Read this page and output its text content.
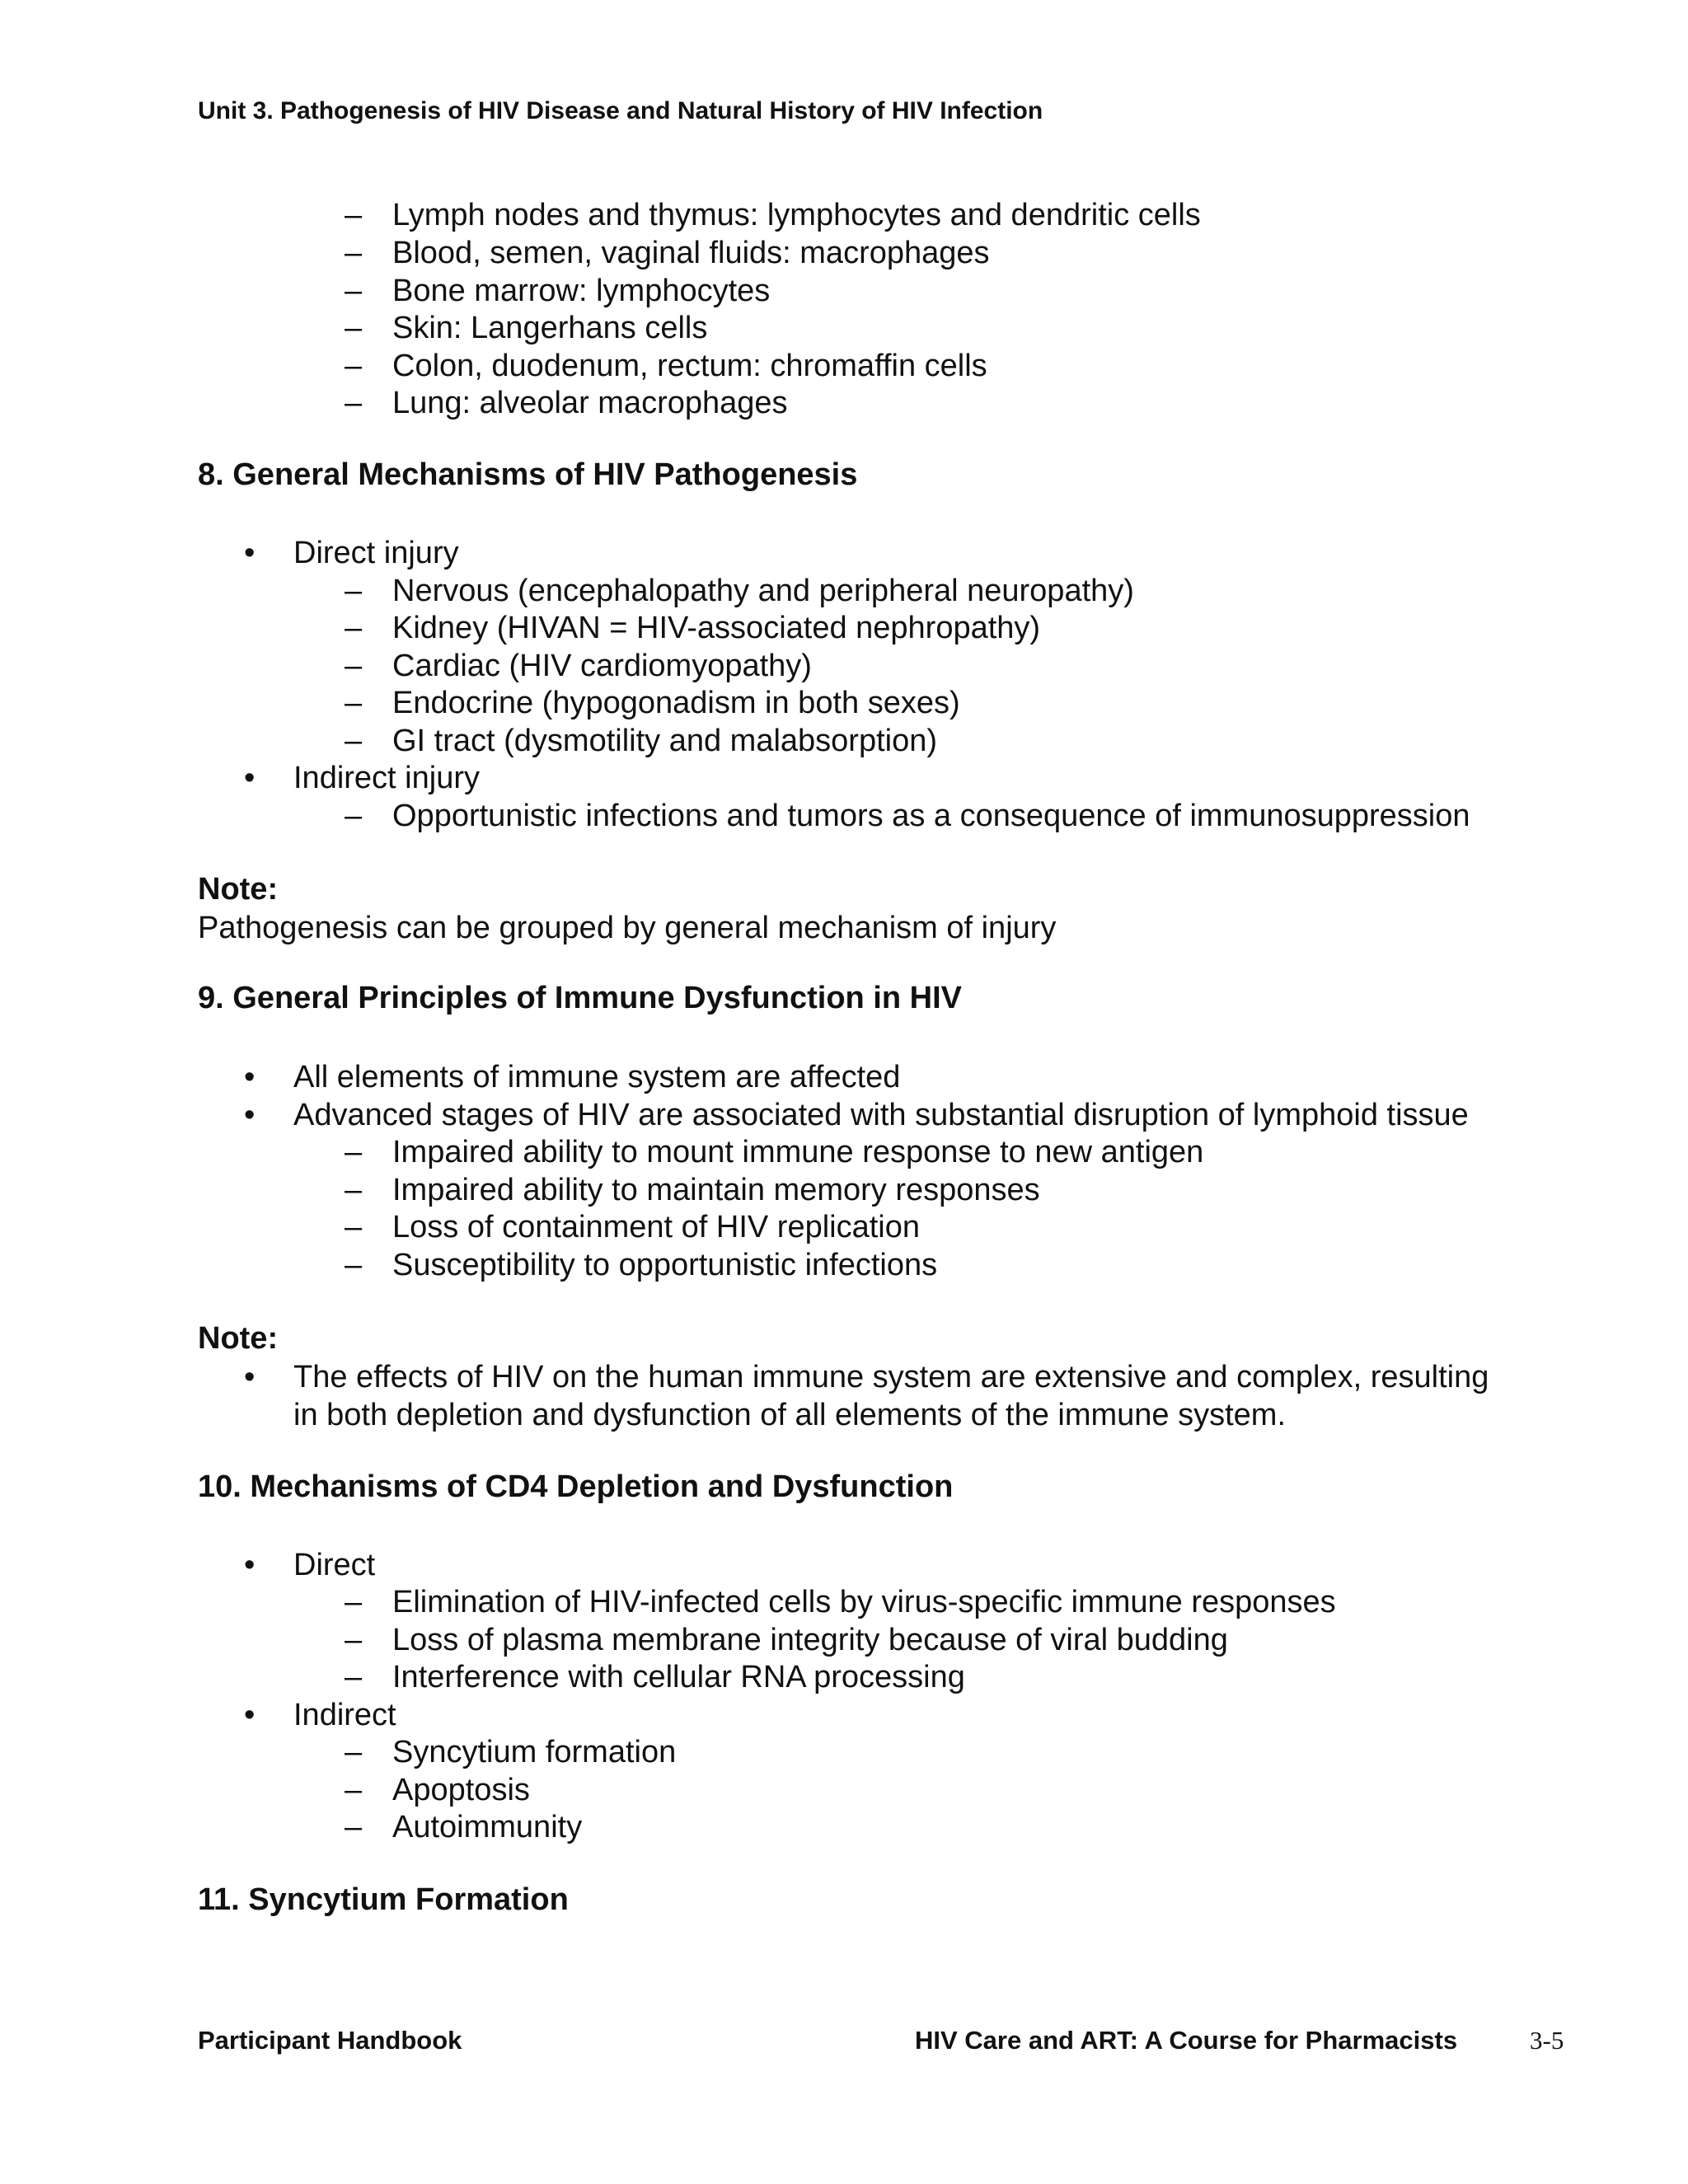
Unit 3. Pathogenesis of HIV Disease and Natural History of HIV Infection
– Lymph nodes and thymus: lymphocytes and dendritic cells
– Blood, semen, vaginal fluids: macrophages
– Bone marrow: lymphocytes
– Skin: Langerhans cells
– Colon, duodenum, rectum: chromaffin cells
– Lung: alveolar macrophages
8. General Mechanisms of HIV Pathogenesis
• Direct injury
– Nervous (encephalopathy and peripheral neuropathy)
– Kidney (HIVAN = HIV-associated nephropathy)
– Cardiac (HIV cardiomyopathy)
– Endocrine (hypogonadism in both sexes)
– GI tract (dysmotility and malabsorption)
• Indirect injury
– Opportunistic infections and tumors as a consequence of immunosuppression
Note:
Pathogenesis can be grouped by general mechanism of injury
9. General Principles of Immune Dysfunction in HIV
• All elements of immune system are affected
• Advanced stages of HIV are associated with substantial disruption of lymphoid tissue
– Impaired ability to mount immune response to new antigen
– Impaired ability to maintain memory responses
– Loss of containment of HIV replication
– Susceptibility to opportunistic infections
Note:
• The effects of HIV on the human immune system are extensive and complex, resulting
in both depletion and dysfunction of all elements of the immune system.
10. Mechanisms of CD4 Depletion and Dysfunction
• Direct
– Elimination of HIV-infected cells by virus-specific immune responses
– Loss of plasma membrane integrity because of viral budding
– Interference with cellular RNA processing
• Indirect
– Syncytium formation
– Apoptosis
– Autoimmunity
11. Syncytium Formation
Participant Handbook	HIV Care and ART: A Course for Pharmacists	3-5
